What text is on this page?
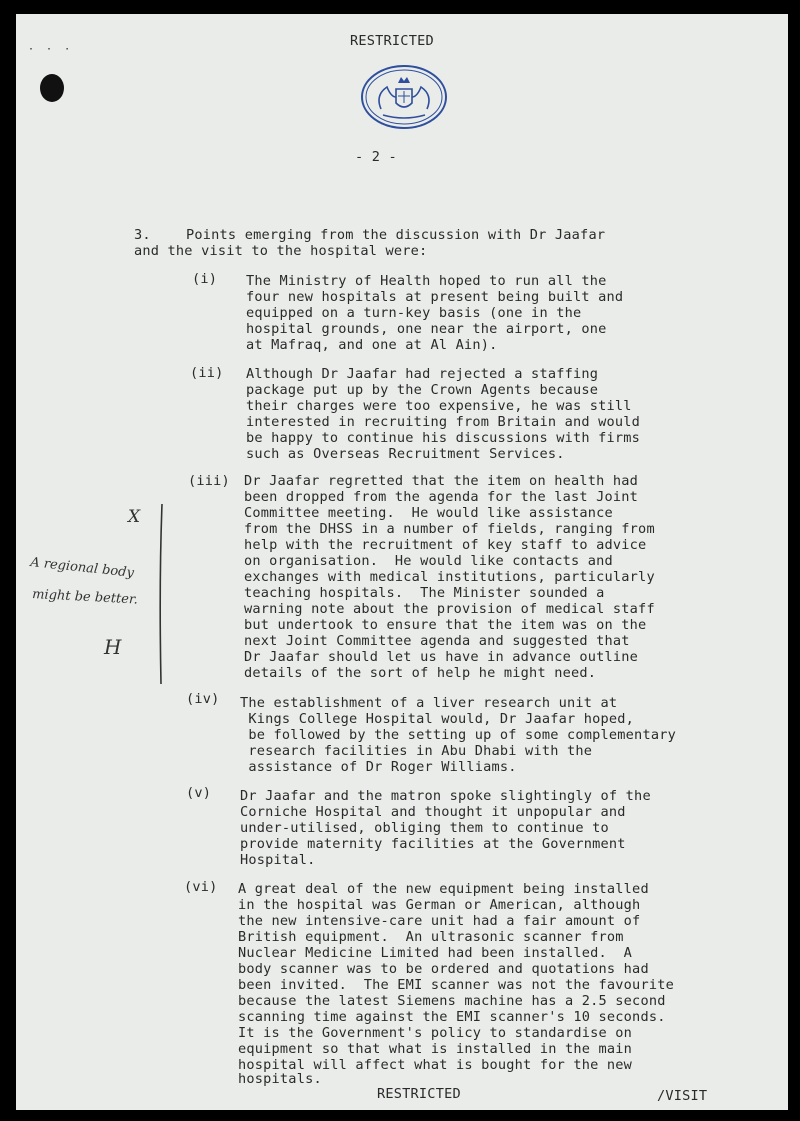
· · ·
RESTRICTED
- 2 -
3.	Points emerging from the discussion with Dr Jaafar
and the visit to the hospital were:
(i) The Ministry of Health hoped to run all the
four new hospitals at present being built and
equipped on a turn-key basis (one in the
hospital grounds, one near the airport, one
at Mafraq, and one at Al Ain).
(ii) Although Dr Jaafar had rejected a staffing
package put up by the Crown Agents because
their charges were too expensive, he was still
interested in recruiting from Britain and would
be happy to continue his discussions with firms
such as Overseas Recruitment Services.
(iii) Dr Jaafar regretted that the item on health had
been dropped from the agenda for the last Joint
Committee meeting.  He would like assistance
from the DHSS in a number of fields, ranging from
help with the recruitment of key staff to advice
on organisation.  He would like contacts and
exchanges with medical institutions, particularly
teaching hospitals.  The Minister sounded a
warning note about the provision of medical staff
but undertook to ensure that the item was on the
next Joint Committee agenda and suggested that
Dr Jaafar should let us have in advance outline
details of the sort of help he might need.
X
A regional body
might be better.
H
(iv) The establishment of a liver research unit at
Kings College Hospital would, Dr Jaafar hoped,
be followed by the setting up of some complementary
research facilities in Abu Dhabi with the
assistance of Dr Roger Williams.
(v) Dr Jaafar and the matron spoke slightingly of the
Corniche Hospital and thought it unpopular and
under-utilised, obliging them to continue to
provide maternity facilities at the Government
Hospital.
(vi) A great deal of the new equipment being installed
in the hospital was German or American, although
the new intensive-care unit had a fair amount of
British equipment.  An ultrasonic scanner from
Nuclear Medicine Limited had been installed.  A
body scanner was to be ordered and quotations had
been invited.  The EMI scanner was not the favourite
because the latest Siemens machine has a 2.5 second
scanning time against the EMI scanner's 10 seconds.
It is the Government's policy to standardise on
equipment so that what is installed in the main
hospital will affect what is bought for the new
hospitals.
RESTRICTED	/VISIT
